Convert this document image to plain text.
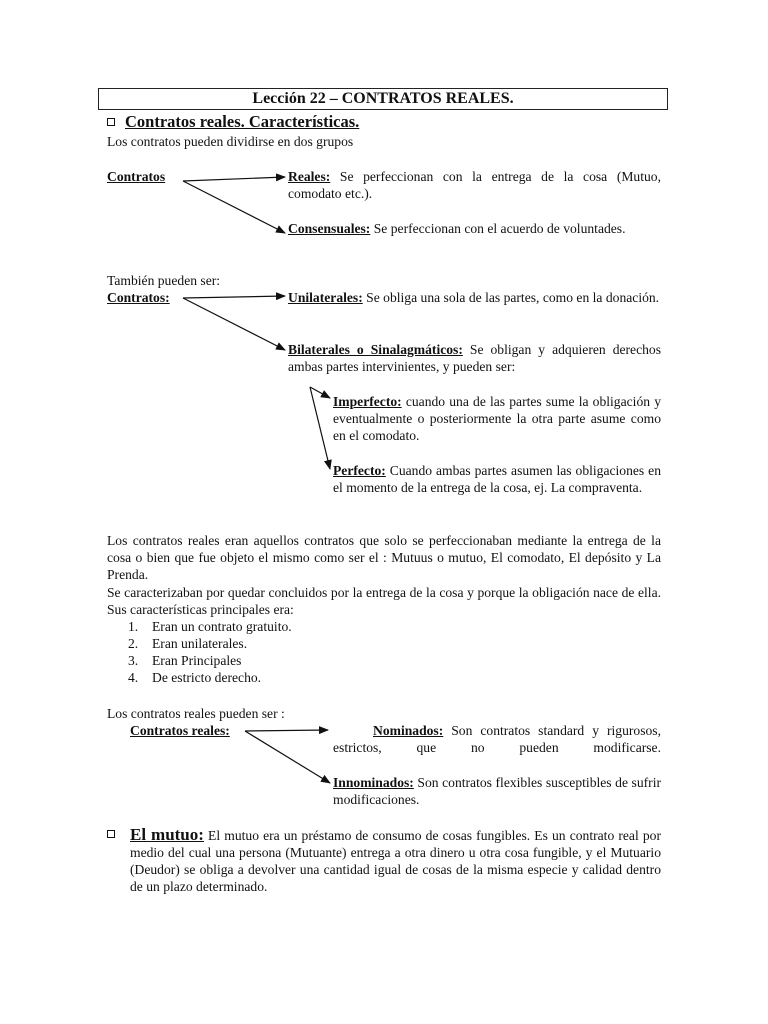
Lección 22 – CONTRATOS REALES.
Contratos reales. Características.
Los contratos pueden dividirse en dos grupos
Contratos	Reales: Se perfeccionan con la entrega de la cosa (Mutuo, comodato etc.).
Consensuales: Se perfeccionan con el acuerdo de voluntades.
También pueden ser:
Contratos:	Unilaterales: Se obliga una sola de las partes, como en la donación.
Bilaterales o Sinalagmáticos: Se obligan y adquieren derechos ambas partes intervinientes, y pueden ser:
Imperfecto: cuando una de las partes sume la obligación y eventualmente o posteriormente la otra parte asume como en el comodato.
Perfecto: Cuando ambas partes asumen las obligaciones en el momento de la entrega de la cosa, ej. La compraventa.
Los contratos reales eran aquellos contratos que solo se perfeccionaban mediante la entrega de la cosa o bien que fue objeto el mismo como ser el : Mutuus o mutuo, El comodato, El depósito y La Prenda.
Se caracterizaban por quedar concluidos por la entrega de la cosa y porque la obligación nace de ella. Sus características principales era:
1. Eran un contrato gratuito.
2. Eran unilaterales.
3. Eran Principales
4. De estricto derecho.
Los contratos reales pueden ser :
Contratos reales:	Nominados: Son contratos standard y rigurosos, estrictos, que no pueden modificarse.
Innominados: Son contratos flexibles susceptibles de sufrir modificaciones.
El mutuo: El mutuo era un préstamo de consumo de cosas fungibles. Es un contrato real por medio del cual una persona (Mutuante) entrega a otra dinero u otra cosa fungible, y el Mutuario (Deudor) se obliga a devolver una cantidad igual de cosas de la misma especie y calidad dentro de un plazo determinado.
